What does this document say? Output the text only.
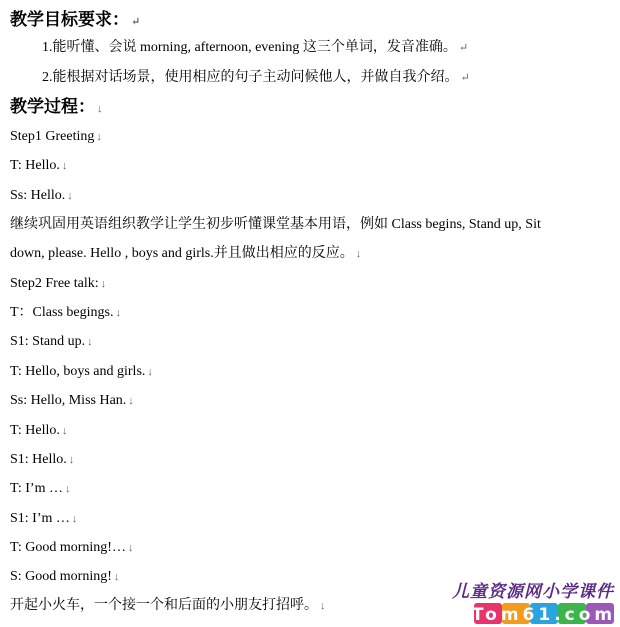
教学目标要求： ↵
1.能听懂、会说 morning, afternoon, evening 这三个单词，发音准确。 ↵
2.能根据对话场景，使用相应的句子主动问候他人，并做自我介绍。 ↵
教学过程： ↓
Step1 Greeting ↓
T: Hello. ↓
Ss: Hello. ↓
继续巩固用英语组织教学让学生初步听懂课堂基本用语，例如 Class begins, Stand up, Sit
down, please. Hello , boys and girls.并且做出相应的反应。 ↓
Step2 Free talk: ↓
T：Class begings. ↓
S1: Stand up. ↓
T: Hello, boys and girls. ↓
Ss: Hello, Miss Han. ↓
T: Hello. ↓
S1: Hello. ↓
T: I’m … ↓
S1: I’m … ↓
T: Good morning!… ↓
S: Good morning! ↓
开起小火车，一个接一个和后面的小朋友打招呼。 ↓
儿童资源网小学课件
Tom61.com
